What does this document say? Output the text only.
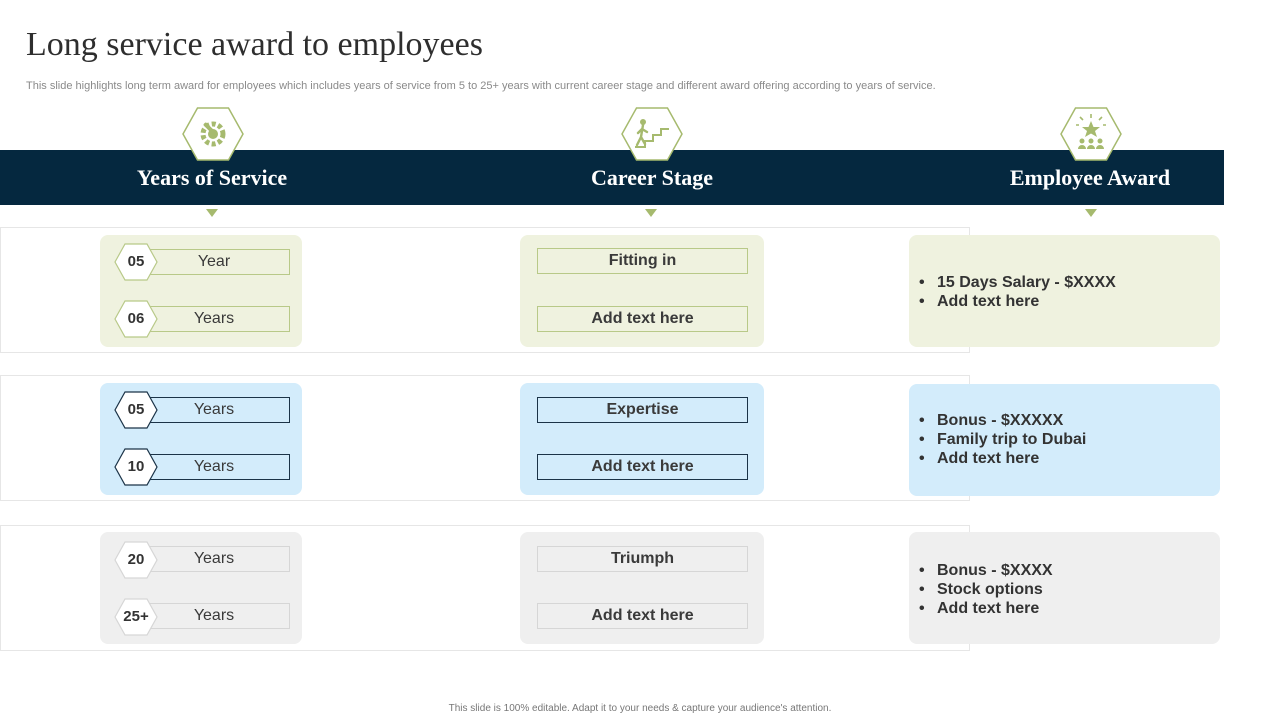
Long service award to employees
This slide highlights long term award for employees which includes years of service from 5 to 25+ years with current career stage and different award offering according to years of service.
Years of Service	Career Stage	Employee Award
Year
05
Years
06
Fitting in
Add text here
• 15 Days Salary - $XXXX
• Add text here
Years
05
Years
10
Expertise
Add text here
• Bonus - $XXXXX
• Family trip to Dubai
• Add text here
Years
20
Years
25+
Triumph
Add text here
• Bonus - $XXXX
• Stock options
• Add text here
This slide is 100% editable. Adapt it to your needs & capture your audience's attention.
